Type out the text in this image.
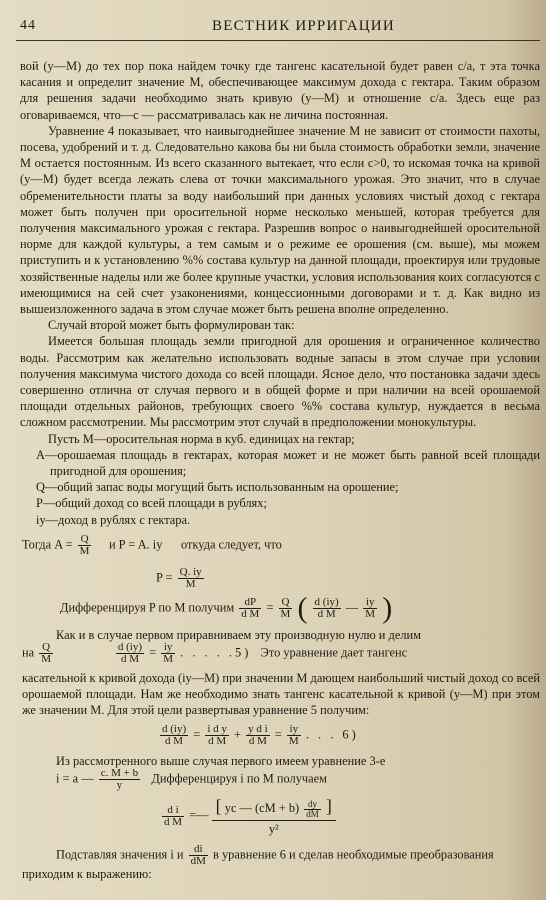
44	ВЕСТНИК ИРРИГАЦИИ

вой (у—М) до тех пор пока найдем точку где тангенс касательной будет равен c/a, т эта точка касания и определит значение М, обеспечивающее максимум дохода с гектара. Таким образом для решения задачи необходимо знать кривую (у—М) и отношение c/a. Здесь еще раз оговариваемся, что—с — рассматривалась как не личина постоянная.

Уравнение 4 показывает, что наивыгоднейшее значение М не зависит от стоимости пахоты, посева, удобрений и т. д. Следовательно какова бы ни была стоимость обработки земли, значение М остается постоянным. Из всего сказанного вытекает, что если с>0, то искомая точка на кривой (у—М) будет всегда лежать слева от точки максимального урожая. Это значит, что в случае обременительности платы за воду наибольший при данных условиях чистый доход с гектара может быть получен при оросительной норме несколько меньшей, которая требуется для получения максимального урожая с гектара. Разрешив вопрос о наивыгоднейшей оросительной норме для каждой культуры, а тем самым и о режиме ее орошения (см. выше), мы можем приступить и к установлению %% состава культур на данной площади, проектируя или трудовые хозяйственные наделы или же более крупные участки, условия использования коих согласуются с имеющимися на сей счет узаконениями, концессионными договорами и т. д. Как видно из вышеизложенного задача в этом случае может быть решена вполне определенно.

Случай второй может быть формулирован так:

Имеется большая площадь земли пригодной для орошения и ограниченное количество воды. Рассмотрим как желательно использовать водные запасы в этом случае при условии получения максимума чистого дохода со всей площади. Ясное дело, что постановка задачи здесь совершенно отлична от случая первого и в общей форме и при наличии на всей орошаемой площади отдельных районов, требующих своего %% состава культур, нуждается в весьма сложном рассмотрении. Мы рассмотрим этот случай в предположении монокультуры.

Пусть М—оросительная норма в куб. единицах на гектар;

А—орошаемая площадь в гектарах, которая может и не может быть равной всей площади пригодной для орошения;

Q—общий запас воды могущий быть использованным на орошение;

Р—общий доход со всей площади в рублях;

iу—доход в рублях с гектара.

Тогда $A = \frac{Q}{M}$ и P = A. iу откуда следует, что
$P = \frac{Q. iу}{M}$
Дифференцируя P по M получим $\frac{dP}{\text{d M}} = \frac{Q}{M}$ ( $\frac{d (iу)}{\text{d M}}$ — $\frac{iу}{M}$ )
Как и в случае первом приравниваем эту производную нулю и делим
на $\frac{Q}{M}$
	$\frac{d (iу)}{\text{d M}} = \frac{iу}{M}$ . . . . .5) Это уравнение дает тангенс
касательной к кривой дохода (iу—М) при значении М дающем наибольший чистый доход со всей орошаемой площади. Нам же необходимо знать тангенс касательной к кривой (у—М) при этом же значении М. Для этой цели развертывая уравнение 5 получим:
$\frac{d (iу)}{\text{d M}} = \frac{\text{i d y}}{\text{d M}} + \frac{\text{y d i}}{\text{d M}} = \frac{iу}{M}$ . . . 6)
Из рассмотренного выше случая первого имеем уравнение 3-е
i = a — $\frac{c. M + b}{y}$ Дифференцируя i по M получаем
$\frac{\text{d i}}{\text{d M}}$ =— [ yc — $(cM + b) \frac{dy}{dM}$ ]
y²
Подставляя значения i и $\frac{di}{dM}$ в уравнение 6 и сделав необходимые преобразования приходим к выражению:
